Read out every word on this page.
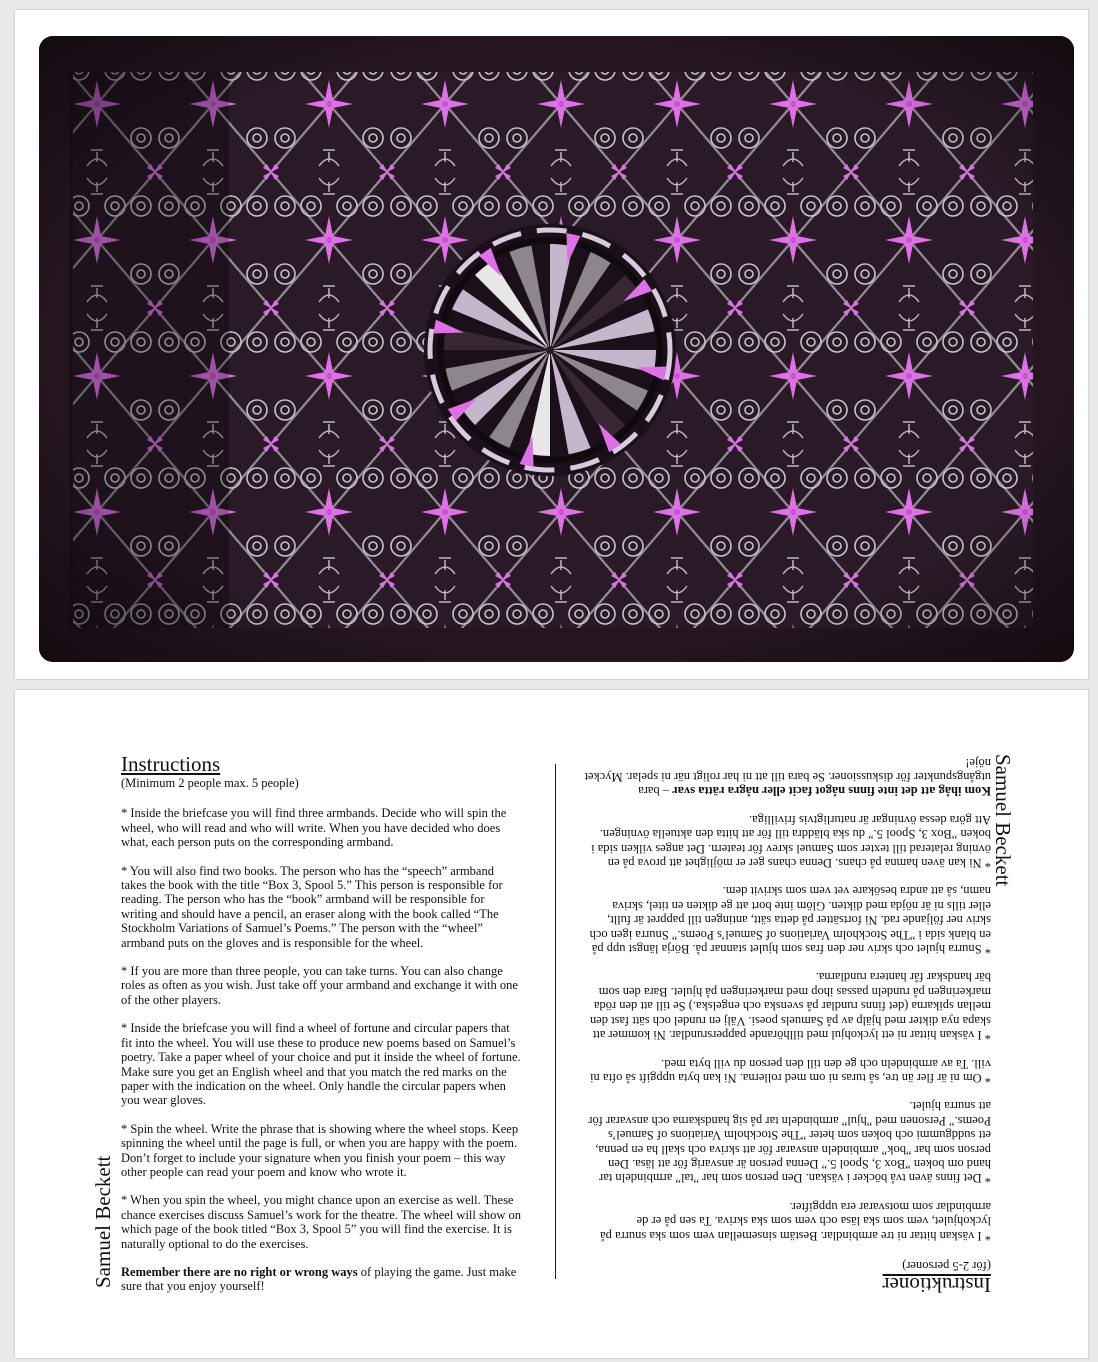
Samuel Beckett
Instructions

(Minimum 2 people max. 5 people)

* Inside the briefcase you will find three armbands. Decide who will spin the wheel, who will read and who will write. When you have decided who does what, each person puts on the corresponding armband.

* You will also find two books. The person who has the “speech” armband takes the book with the title “Box 3, Spool 5.” This person is responsible for reading. The person who has the “book” armband will be responsible for writing and should have a pencil, an eraser along with the book called “The Stockholm Variations of Samuel’s Poems.” The person with the “wheel” armband puts on the gloves and is responsible for the wheel.

* If you are more than three people, you can take turns. You can also change roles as often as you wish. Just take off your armband and exchange it with one of the other players.

* Inside the briefcase you will find a wheel of fortune and circular papers that fit into the wheel. You will use these to produce new poems based on Samuel’s poetry. Take a paper wheel of your choice and put it inside the wheel of fortune. Make sure you get an English wheel and that you match the red marks on the paper with the indication on the wheel. Only handle the circular papers when you wear gloves.

* Spin the wheel. Write the phrase that is showing where the wheel stops. Keep spinning the wheel until the page is full, or when you are happy with the poem. Don’t forget to include your signature when you finish your poem – this way other people can read your poem and know who wrote it.

* When you spin the wheel, you might chance upon an exercise as well. These chance exercises discuss Samuel’s work for the theatre. The wheel will show on which page of the book titled “Box 3, Spool 5” you will find the exercise. It is naturally optional to do the exercises.

Remember there are no right or wrong ways of playing the game. Just make sure that you enjoy yourself!	Instruktioner

(för 2-5 personer)

* I väskan hittar ni tre armbindlar. Bestäm sinsemellan vem som ska snurra på lyckohjulet, vem som ska läsa och vem som ska skriva. Ta sen på er de armbindlar som motsvarar era uppgifter.

* Det finns även två böcker i väskan. Den person som har ”tal” armbindeln tar hand om boken ”Box 3, Spool 5.” Denna person är ansvarig för att läsa. Den person som har ”bok” armbindeln ansvarar för att skriva och skall ha en penna, ett suddgummi och boken som heter ”The Stockholm Variations of Samuel’s Poems.” Personen med ”hjul” armbindeln tar på sig handskarna och ansvarar för att snurra hjulet.

* Om ni är fler än tre, så turas ni om med rollerna. Ni kan byta uppgift så ofta ni vill. Ta av armbindeln och ge den till den person du vill byta med.

* I väskan hittar ni ett lyckohjul med tillhörande pappersrundlar. Ni kommer att skapa nya dikter med hjälp av på Samuels poesi. Välj en rundel och sätt fast den mellan spikarna (det finns rundlar på svenska och engelska.) Se till att den röda markeringen på rundeln passas ihop med markeringen på hjulet. Bara den som bär handskar får hantera rundlarna.

* Snurra hjulet och skriv ner den fras som hjulet stannar på. Börja längst upp på en blank sida i ”The Stockholm Variations of Samuel’s Poems.” Snurra igen och skriv ner följande rad. Ni fortsätter på detta sätt, antingen till pappret är fullt, eller tills ni är nöjda med dikten. Glöm inte bort att ge dikten en titel, skriva namn, så att andra besökare vet vem som skrivit dem.

* Ni kan även hamna på chans. Denna chans ger er möjlighet att prova på en övning relaterad till texter som Samuel skrev för teatern. Det anges vilken sida i boken ”Box 3, Spool 5.” du ska bläddra till för att hitta den aktuella övningen. Att göra dessa övningar är naturligtvis frivilliga.

Kom ihåg att det inte finns något facit eller några rätta svar – bara utgångspunkter för diskussioner. Se bara till att ni har roligt när ni spelar. Mycket nöje! Samuel Beckett
